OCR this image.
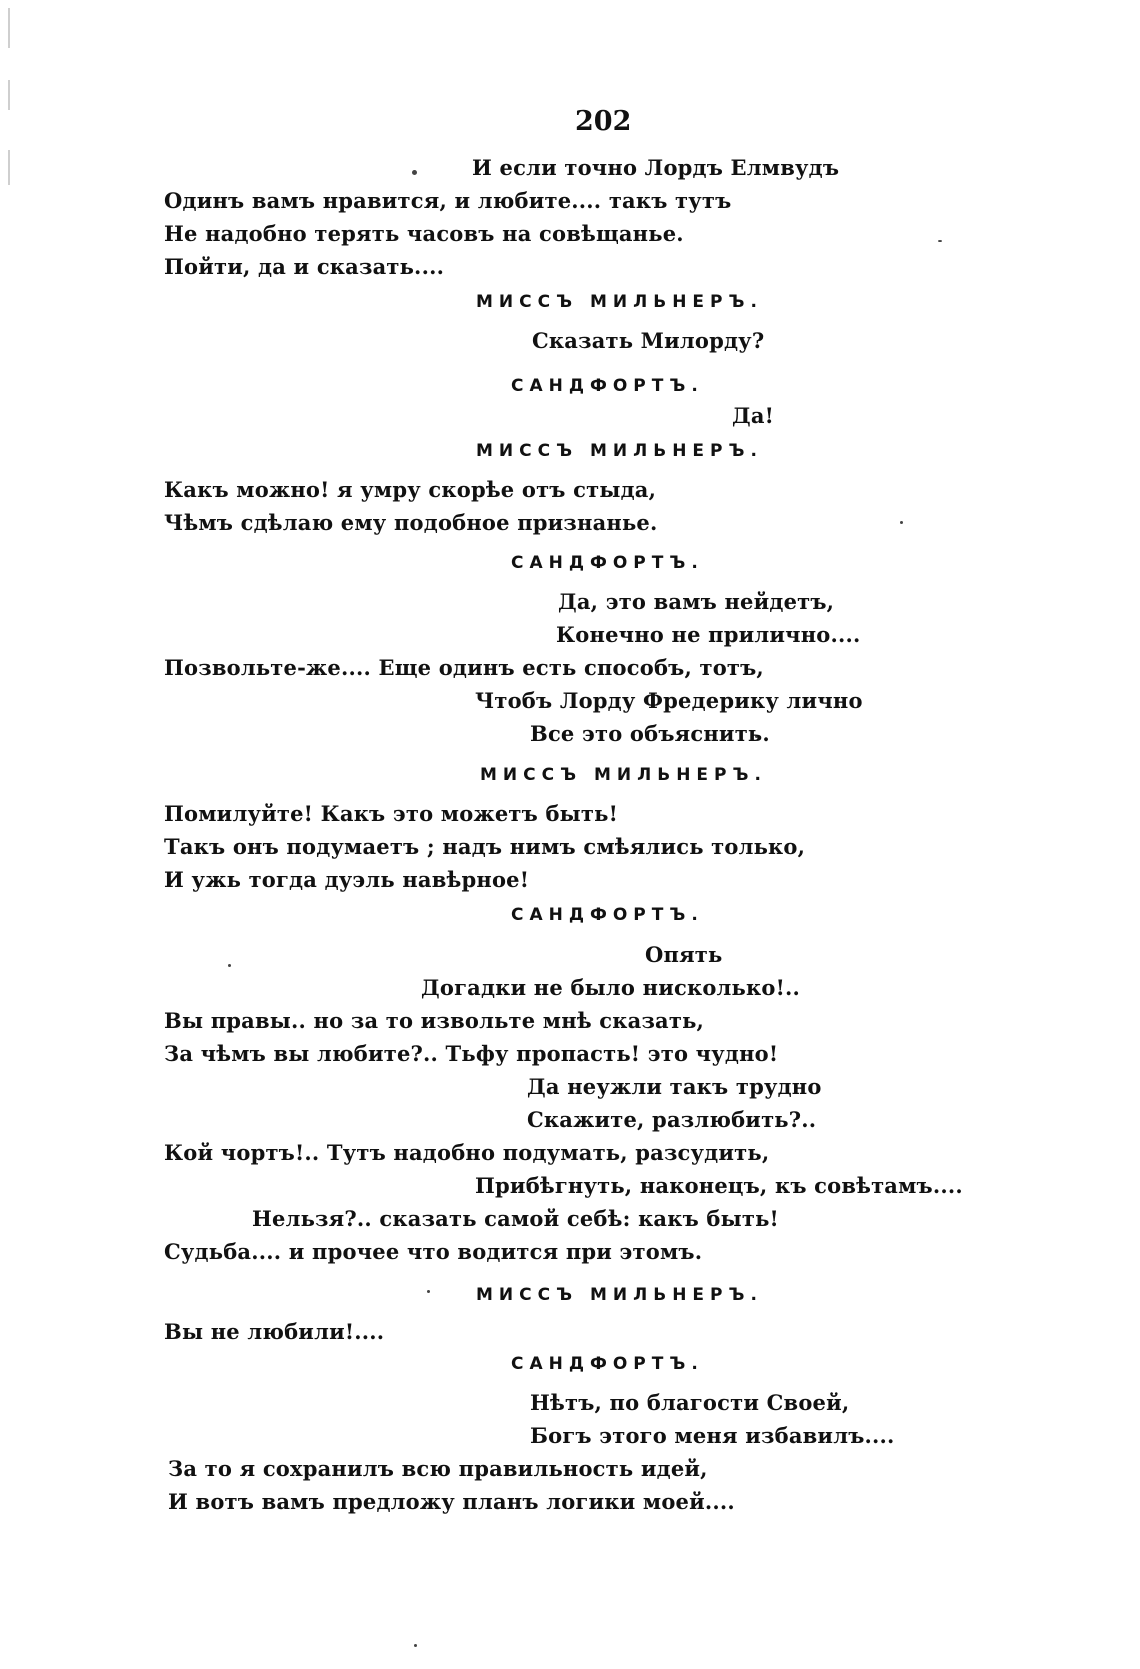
202
И если точно Лордъ Елмвудъ
Одинъ вамъ нравится, и любите.... такъ тутъ
Не надобно терять часовъ на совѣщанье.
Пойти, да и сказать....
МИССЪ МИЛЬНЕРЪ.
Сказать Милорду?
САНДФОРТЪ.
Да!
МИССЪ МИЛЬНЕРЪ.
Какъ можно! я умру скорѣе отъ стыда,
Чѣмъ сдѣлаю ему подобное признанье.
САНДФОРТЪ.
Да, это вамъ нейдетъ,
Конечно не прилично....
Позвольте-же.... Еще одинъ есть способъ, тотъ,
Чтобъ Лорду Фредерику лично
Все это объяснить.
МИССЪ МИЛЬНЕРЪ.
Помилуйте! Какъ это можетъ быть!
Такъ онъ подумаетъ ; надъ нимъ смѣялись только,
И ужь тогда дуэль навѣрное!
САНДФОРТЪ.
Опять
Догадки не было нисколько!..
Вы правы.. но за то извольте мнѣ сказать,
За чѣмъ вы любите?.. Тьфу пропасть! это чудно!
Да неужли такъ трудно
Скажите, разлюбить?..
Кой чортъ!.. Тутъ надобно подумать, разсудить,
Прибѣгнуть, наконецъ, къ совѣтамъ....
Нельзя?.. сказать самой себѣ: какъ быть!
Судьба.... и прочее что водится при этомъ.
МИССЪ МИЛЬНЕРЪ.
Вы не любили!....
САНДФОРТЪ.
Нѣтъ, по благости Своей,
Богъ этого меня избавилъ....
За то я сохранилъ всю правильность идей,
И вотъ вамъ предложу планъ логики моей....
